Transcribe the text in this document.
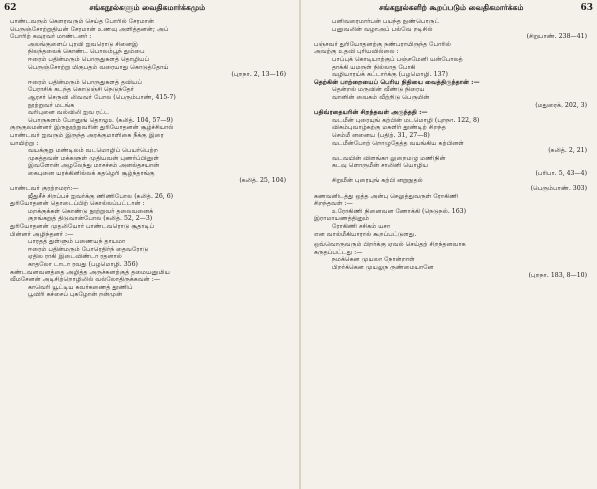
62	சங்கநூல்களும் வைதிகமார்க்கமும்
பாண்டவரும் கௌரவரும் செய்த போரில் சேரமான்
பெருஞ்சோற்றுதியன் சேரமான் உணவு அளித்தனன்; அப்
போரிற் கவுரவர் மாண்டனர் :
அலங்குளைப் புரவி ஐவரொடு சினைஇ
நிலந்தலைக் கொண்ட பொலம்பூந் தும்பை
ஈரைம் பதின்மரும் பொருதுகளத் தொழியப்
பெருஞ்சோற்று மிகுபதம் வரையாது கொடுத்தோய்
(புறநா. 2, 13—16)
ஈரைம் பதின்மரும் பொருதுகளத் தவியப்
பேராசிக் கடந்த கொடுஞ்சி நெடுந்தேர்
ஆரசர் செருவி லிவவர் போல (பெரும்பாண், 415-7)
நூற்றுவர் மடங்க
வரிபுனை வல்விலி ஐவ ரட்ட
பொருகளம் போனுங் தொழூஉ (கலித். 104, 57—9)
குருகுலமன்னர் இருநூற்றுவரின் துரியோதனன் சூழ்ச்சியால்
பாண்டவர் ஐவரும் இருந்த அரக்குமாளிகை நீக்கு இரை
யாயிற்று :
வயக்குறு மண்டிலம் வடமொழிப் பெயர்பெற்ற
முகத்தவன் மக்களுள் முதியவன் புணர்ப்பினுள்
இவளோன் அழலேந்து மாசச்சம் அனல்தசயான்
கைபுனை யரக்கினில்லக் கதழெரி சூழ்ந்தாங்கு
(கலித். 25, 104)
பாண்டவர் குரற்றமரர்:—
ஜீதுசீச் சிறப்பச் ஐவர்க்கு ணிணிபோல (கலித். 26, 6)
துரியோதனன் தொடைப்பிற் கொல்லப்பட்டான் :
மறக்குக்கள் கொண்டு நூற்றுவர் தலைவனைக்
குறங்கறுத் திடுவான்போல (கலித். 52, 2—3)
துரியோதனன் முதலியோர் பாண்டவரொடு சூதாடிப்
பின்னர் அழிந்தனர் :—
பாரதத் துள்ளும் பணையந் தாயமா
ஈரைம் பதின்மரும் போரெதிர்ந் தைவரோடு
ஏதில ராகி இடைவிண்டா ரதனால்
காதலோ டாடா ரவது (பழமொழி. 356)
கண்டவனவனத்தை அழித்த அருச்சுனற்குத் தமையனுமிய
வீமசேனன் அடிசிற்றொழிலில் வல்லோதிருக்கவன் :—
காவெரி யூட்டிய கவர்கணைத் தூணிப்
பூவிரி கச்சைப் புகழோன் றன்முன்
சங்கநூல்களிற் கூறப்படும் வைதிகமார்க்கம்	63
பனிவரைமார்பன் பயந்த நுண்பொருட்
பனுவலின் வழாஅப் பல்வே றடிசில்
(சிறுபாண். 238—41)
பஞ்சவர் துரியோதனற்கு நண்பராயிருந்த போரில்
அவற்கு உதவி புரியவில்லை :
பாப்புக் கொடியாற்குப் பஞ்சமேனி யன்போலத்
தாக்கி யமருள் நில்லாத போகி
வழியாரய்க் கட்டார்க்கு (பழமொழி. 137)
தெற்கின் பாற்றையைப் பெரிய நிதியை வைத்திருந்தான் :—
தென்றல் மருவின் வீண்டு நிரைய
வானின் வைகம் வீற்றிடு பெருமின்
(மதுரைக். 202, 3)
பதிவ்ரதையரின் சிறந்தவள் அருந்ததி :—
வடமீன் புரையுங் கற்பின் மடமொழி (புறநா. 122, 8)
விசும்புவாழ்கற்கு மகளிர் தூண்டிற் சிறந்த
செம்மீ னனைய (பதிற். 31, 27—8)
வடமீன்போற் றொழுதேத்த வயங்கிய கற்பினள்
(கலித். 2, 21)
வடவயின் விளங்கா லுறைமழு மணிநின்
கடவு ளொருமீன் சாலினி யொழிய
(பரிபா. 5, 43—4)
சிறுமீன் புரையுங் கற்பி னறுநுதல்
(பெரும்பாண். 303)
கணவனிடத்து ஒத்த அன்பு செலுத்துவருள் ரோகிணி
சிறந்தவள் :—
உரோகிணி நினைவன ணோக்கி (நெடுநல். 163)
இராமாயணத்தினும்
ரோகிணி சசிகம் யசா
என வால்மீகியாரால் கூறப்பட்டுளது.
ஒவ்வொருவரும் பிறர்க்கு ஏவல் செய்தற் சிறந்தனவாக
கருதப்பட்டது :—
நமக்கென முயலா நோன்றாள்
பிறர்க்கென முயலுந ருண்மையானே
(புறநா. 183, 8—10)
